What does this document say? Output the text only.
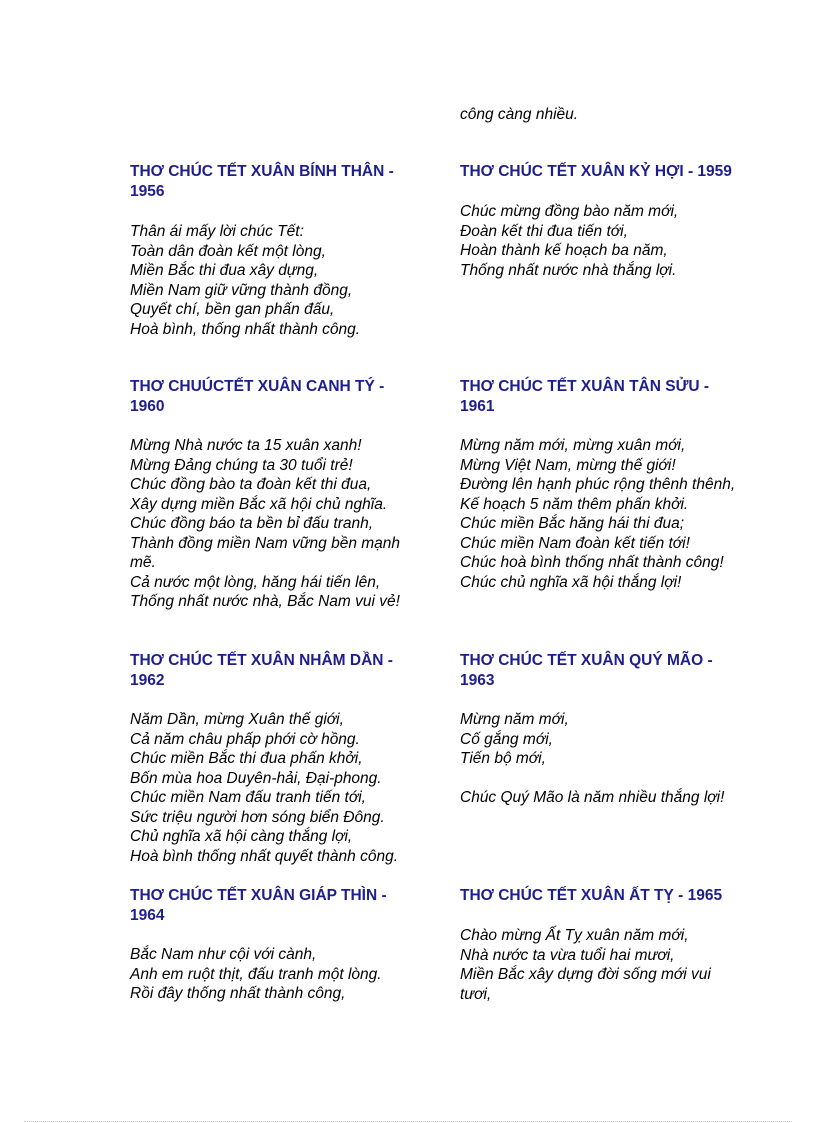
công càng nhiều.
THƠ CHÚC TẾT XUÂN BÍNH THÂN -
1956
Thân ái mấy lời chúc Tết:
Toàn dân đoàn kết một lòng,
Miền Bắc thi đua xây dựng,
Miền Nam giữ vững thành đồng,
Quyết chí, bền gan phấn đấu,
Hoà bình, thống nhất thành công.
THƠ CHÚC TẾT XUÂN KỶ HỢI - 1959
Chúc mừng đồng bào năm mới,
Đoàn kết thi đua tiến tới,
Hoàn thành kế hoạch ba năm,
Thống nhất nước nhà thắng lợi.
THƠ CHUÚCTẾT XUÂN CANH TÝ -
1960
Mừng Nhà nước ta 15 xuân xanh!
Mừng Đảng chúng ta 30 tuổi trẻ!
Chúc đồng bào ta đoàn kết thi đua,
Xây dựng miền Bắc xã hội chủ nghĩa.
Chúc đồng báo ta bền bỉ đấu tranh,
Thành đồng miền Nam vững bền mạnh
mẽ.
Cả nước một lòng, hăng hái tiến lên,
Thống nhất nước nhà, Bắc Nam vui vẻ!
THƠ CHÚC TẾT XUÂN TÂN SỬU -
1961
Mừng năm mới, mừng xuân mới,
Mừng Việt Nam, mừng thế giới!
Đường lên hạnh phúc rộng thênh thênh,
Kế hoạch 5 năm thêm phấn khởi.
Chúc miền Bắc hăng hái thi đua;
Chúc miền Nam đoàn kết tiến tới!
Chúc hoà bình thống nhất thành công!
Chúc chủ nghĩa xã hội thắng lợi!
THƠ CHÚC TẾT XUÂN NHÂM DẦN -
1962
Năm Dần, mừng Xuân thế giới,
Cả năm châu phấp phới cờ hồng.
Chúc miền Bắc thi đua phấn khởi,
Bốn mùa hoa Duyên-hải, Đại-phong.
Chúc miền Nam đấu tranh tiến tới,
Sức triệu người hơn sóng biển Đông.
Chủ nghĩa xã hội càng thắng lợi,
Hoà bình thống nhất quyết thành công.
THƠ CHÚC TẾT XUÂN QUÝ MÃO -
1963
Mừng năm mới,
Cố gắng mới,
Tiến bộ mới,
Chúc Quý Mão là năm nhiều thắng lợi!
THƠ CHÚC TẾT XUÂN GIÁP THÌN -
1964
Bắc Nam như cội với cành,
Anh em ruột thịt, đấu tranh một lòng.
Rồi đây thống nhất thành công,
THƠ CHÚC TẾT XUÂN ẤT TỴ - 1965
Chào mừng Ất Tỵ xuân năm mới,
Nhà nước ta vừa tuổi hai mươi,
Miền Bắc xây dựng đời sống mới vui
tươi,
